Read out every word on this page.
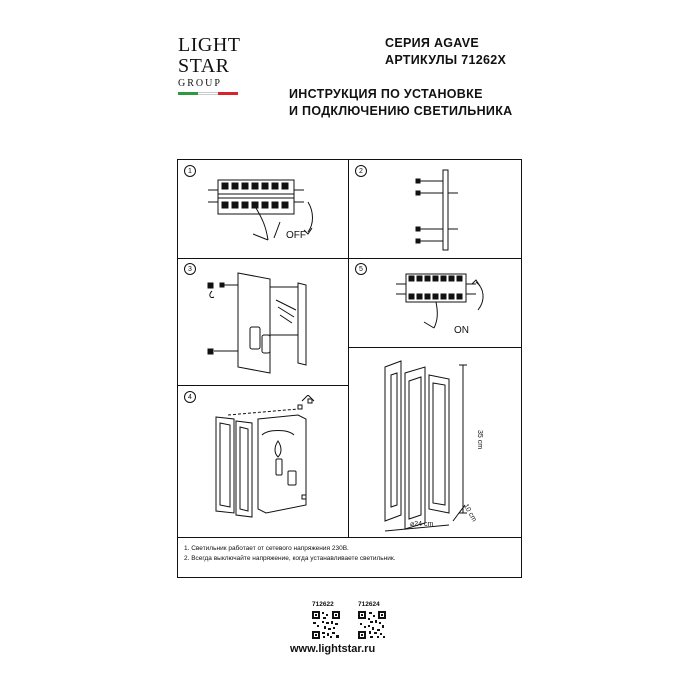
LIGHT
STAR
GROUP
СЕРИЯ AGAVE
АРТИКУЛЫ 71262X
ИНСТРУКЦИЯ ПО УСТАНОВКЕ
И ПОДКЛЮЧЕНИЮ СВЕТИЛЬНИКА
1	2
3	5
4
OFF
ON
35 cm
⌀24 cm
10 cm
1. Светильник работает от сетевого напряжения 230В.
2. Всегда выключайте напряжение, когда устанавливаете светильник.
712622	712624
www.lightstar.ru
